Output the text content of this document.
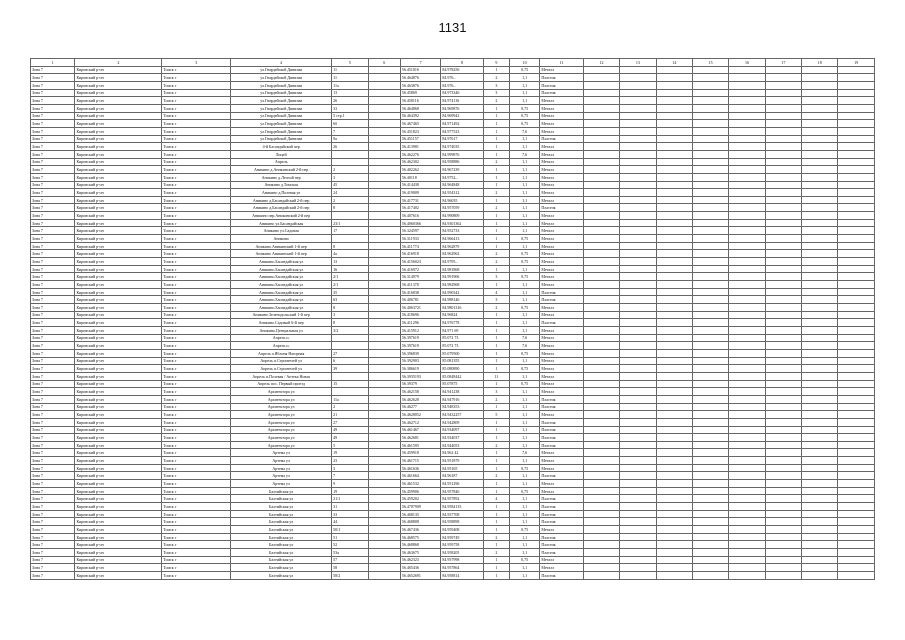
1131
1	2	3	4	5	6	7	8	9	10	11	12	13	14	15	16	17	18	19
Зона 7	Кировский р-он	Томск г	ул.Гвардейской Дивизии	11		56.451016	84.978256	1	0,75	Металл								
Зона 7	Кировский р-он	Томск г	ул.Гвардейской Дивизии	11		56.464876	84.976...	2	1,1	Пластик								
Зона 7	Кировский р-он	Томск г	ул.Гвардейской Дивизии	11а		56.463876	84.976...	3	1,1	Пластик								
Зона 7	Кировский р-он	Томск г	ул.Гвардейской Дивизии	13		56.45869	84.973346	3	1,1	Пластик								
Зона 7	Кировский р-он	Томск г	ул.Гвардейской Дивизии	26		56.458116	84.974116	2	1,1	Металл								
Зона 7	Кировский р-он	Томск г	ул.Гвардейской Дивизии	33		56.464868	84.969876	1	0,75	Металл								
Зона 7	Кировский р-он	Томск г	ул.Гвардейской Дивизии	5 стр.1		56.464392	84.969942	1	0,75	Металл								
Зона 7	Кировский р-он	Томск г	ул.Гвардейской Дивизии	6б		56.467465	84.971492	1	0,75	Металл								
Зона 7	Кировский р-он	Томск г	ул.Гвардейской Дивизии	7		56.451823	84.977523	1	7,6	Металл								
Зона 7	Кировский р-он	Томск г	ул.Гвардейской Дивизии	9а		56.451157	84.97617	1	1,1	Пластик								
Зона 7	Кировский р-он	Томск г	4-й Басандайский пер	26		56.413981	84.974035	1	1,1	Металл								
Зона 7	Кировский р-он	Томск г	Лицей			56.462276	84.999876	1	7,6	Металл								
Зона 7	Кировский р-он	Томск г	Апрель			56.462302	84.958886	2	1,1	Металл								
Зона 7	Кировский р-он	Томск г	Аникино д.Аникинский 2-й пер	2		56.402262	84.967239	1	1,1	Металл								
Зона 7	Кировский р-он	Томск г	Аникино д.Лесной пер	3		56.40118	84.9752...	1	1,1	Металл								
Зона 7	Кировский р-он	Томск г	Аникино д.Томская	45		56.414438	84.964848	1	1,1	Металл								
Зона 7	Кировский р-он	Томск г	Аникино д.Полевая ул	24		56.419009	84.954312	2	1,1	Металл								
Зона 7	Кировский р-он	Томск г	Аникино д.Басандайский 2-й пер	2		56.417731	84.96035	1	1,1	Металл								
Зона 7	Кировский р-он	Томск г	Аникино д.Басандайский 2-й пер	8		56.417402	84.957059	2	1,1	Пластик								
Зона 7	Кировский р-он	Томск г	Аникино пер.Аникинский 2-й пер			56.407616	84.990809	1	1,1	Металл								
Зона 7	Кировский р-он	Томск г	Аникино ул.Басандайская	23/1		56.4060366	84.9301362	1	1,1	Металл								
Зона 7	Кировский р-он	Томск г	Аникино ул.Садовая	17		56.324597	84.952733	1	1,1	Металл								
Зона 7	Кировский р-он	Томск г	Аникино			56.311933	84.966413	1	0,75	Металл								
Зона 7	Кировский р-он	Томск г	Аникино.Аникинский 1-й пер	8		56.411774	84.962879	1	1,1	Металл								
Зона 7	Кировский р-он	Томск г	Аникино Аникинский 1-й пер	4а		56.416918	84.962962	2	0,75	Металл								
Зона 7	Кировский р-он	Томск г	Аникино.Басандайская ул	13		56.4156023	84.9795...	2	0,75	Металл								
Зона 7	Кировский р-он	Томск г	Аникино.Басандайская ул	16		56.416972	84.981868	1	1,1	Металл								
Зона 7	Кировский р-он	Томск г	Аникино.Басандайская ул	2/1		56.314979	84.991906	3	0,75	Металл								
Зона 7	Кировский р-он	Томск г	Аникино.Басандайская ул	2/1		56.411378	84.982968	1	1,1	Металл								
Зона 7	Кировский р-он	Томск г	Аникино.Басандайская ул	35		56.416838	84.990342	4	1,1	Пластик								
Зона 7	Кировский р-он	Томск г	Аникино.Басандайская ул	63		56.406781	84.988146	3	1,1	Пластик								
Зона 7	Кировский р-он	Томск г	Аникино.Басандайская ул	8		56.4063721	84.9801316	2	0,75	Металл								
Зона 7	Кировский р-он	Томск г	Аникино.Зеленодольский 1-й пер	3		56.418696	84.96824	1	1,1	Металл								
Зона 7	Кировский р-он	Томск г	Аникино.Садовый 6-й пер	8		56.411296	84.976778	1	1,1	Пластик								
Зона 7	Кировский р-он	Томск г	Аникино.Центральная ул	3/2		56.415912	84.971 69	1	1,1	Металл								
Зона 7	Кировский р-он	Томск г	Апрель п.			56.397619	85.072 73	1	7,6	Металл								
Зона 7	Кировский р-он	Томск г	Апрель п.			56.397619	85.072 73	1	7,6	Металл								
Зона 7	Кировский р-он	Томск г	Апрель п.Яблоня Нагорная	27		56.396839	85.079500	1	0,75	Металл								
Зона 7	Кировский р-он	Томск г	Апрель п.Строителей ул	6		56.392903	85.081355	1	1,1	Металл								
Зона 7	Кировский р-он	Томск г	Апрель п.Строителей ул	39		56.386619	85.080890	1	0,75	Металл								
Зона 7	Кировский р-он	Томск г	Апрель п.Полевая / Аптека Новая			56.3935193	85.0848442	11	1,1	Металл								
Зона 7	Кировский р-он	Томск г	Апрель пос. Первый проезд	15		56.39379	85.07875	1	0,75	Металл								
Зона 7	Кировский р-он	Томск г	Архитектора ул			56.462158	84.941238	3	1,1	Металл								
Зона 7	Кировский р-он	Томск г	Архитектора ул	11а		56.462628	84.947916	2	1,1	Пластик								
Зона 7	Кировский р-он	Томск г	Архитектора ул	2		56.46277	84.948353	1	1,1	Пластик								
Зона 7	Кировский р-он	Томск г	Архитектора ул	21		56.4628052	84.9432257	5	1,1	Металл								
Зона 7	Кировский р-он	Томск г	Архитектора ул	27		56.462712	84.942809	1	1,1	Пластик								
Зона 7	Кировский р-он	Томск г	Архитектора ул	49		56.461467	84.934097	1	1,1	Пластик								
Зона 7	Кировский р-он	Томск г	Архитектора ул	49		56.462681	84.934037	1	1,1	Пластик								
Зона 7	Кировский р-он	Томск г	Архитектора ул	5		56.461595	84.944053	2	1,1	Пластик								
Зона 7	Кировский р-он	Томск г	Артема ул	19		56.459918	84.962 42	1	7,6	Металл								
Зона 7	Кировский р-он	Томск г	Артема ул	23		56.461715	84.951879	1	1,1	Металл								
Зона 7	Кировский р-он	Томск г	Артема ул	3		56.461636	84.95165	1	0,75	Металл								
Зона 7	Кировский р-он	Томск г	Артема ул	7		56.461664	84.96187	2	1,1	Пластик								
Зона 7	Кировский р-он	Томск г	Артема ул	9		56.461532	84.951296	1	1,1	Металл								
Зона 7	Кировский р-он	Томск г	Балтийская ул	19		56.459906	84.957846	1	0,75	Металл								
Зона 7	Кировский р-он	Томск г	Балтийская ул	21/1		56.459202	84.957892	4	1,1	Пластик								
Зона 7	Кировский р-он	Томск г	Балтийская ул	31		56.4787909	84.9584135	1	1,1	Пластик								
Зона 7	Кировский р-он	Томск г	Балтийская ул	33		56.468135	84.957708	1	1,1	Пластик								
Зона 7	Кировский р-он	Томск г	Балтийская ул	44		56.468808	84.958898	1	1,1	Пластик								
Зона 7	Кировский р-он	Томск г	Балтийская ул	50/1		56.467436	84.959408	1	0,75	Металл								
Зона 7	Кировский р-он	Томск г	Балтийская ул	51		56.468575	84.959749	2	1,1	Пластик								
Зона 7	Кировский р-он	Томск г	Балтийская ул	52		56.468868	84.959758	1	1,1	Пластик								
Зона 7	Кировский р-он	Томск г	Балтийская ул	53а		56.463675	84.958205	2	1,1	Пластик								
Зона 7	Кировский р-он	Томск г	Балтийская ул	57		56.462323	84.957998	1	0,75	Металл								
Зона 7	Кировский р-он	Томск г	Балтийская ул	58		56.465436	84.957864	1	1,1	Металл								
Зона 7	Кировский р-он	Томск г	Балтийская ул	58/2		56.4652691	84.958814	1	1,1	Пластик								
